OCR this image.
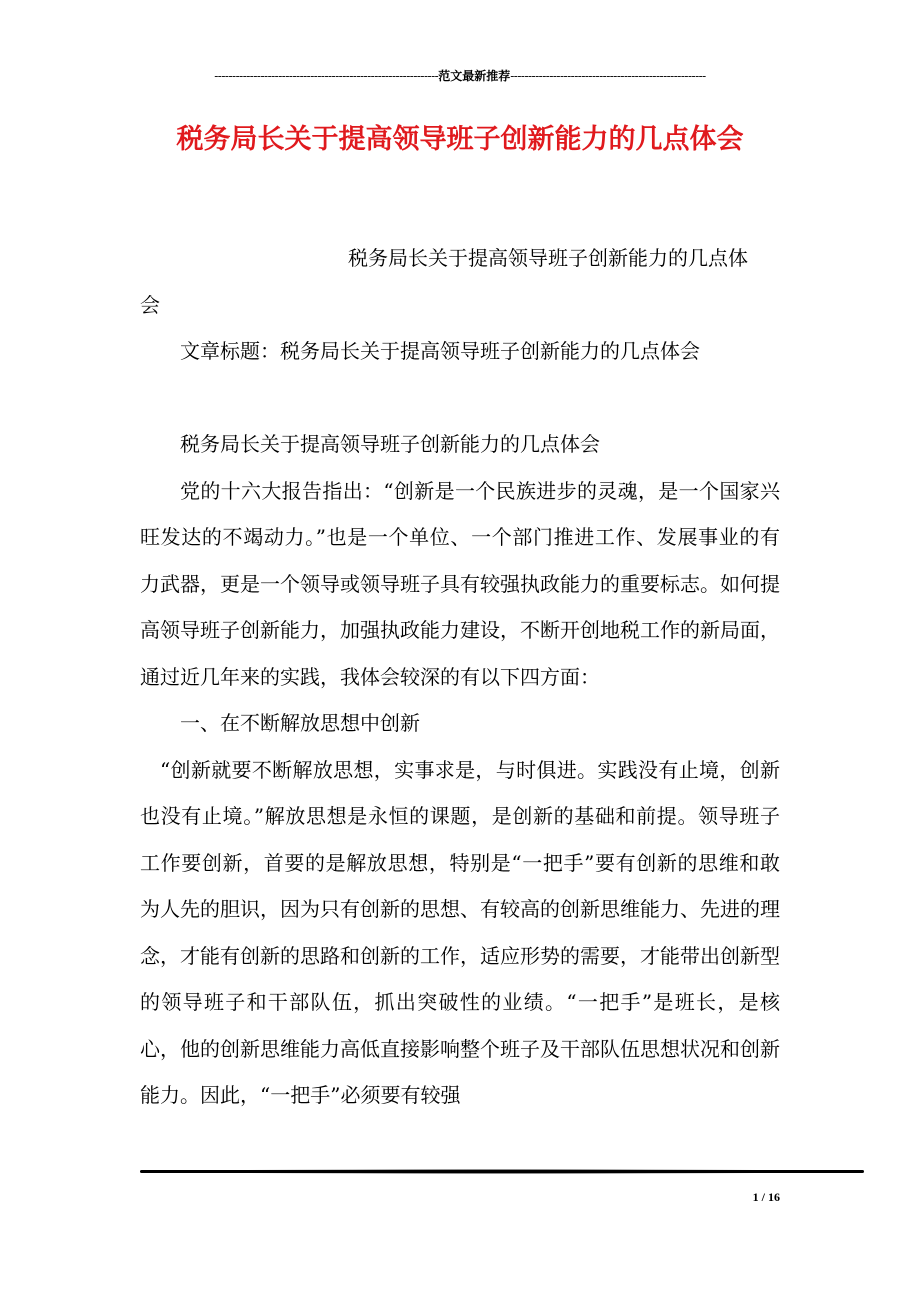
---------------------------------------------------------------范文最新推荐-------------------------------------------------------
税务局长关于提高领导班子创新能力的几点体会

税务局长关于提高领导班子创新能力的几点体
会

文章标题：税务局长关于提高领导班子创新能力的几点体会

税务局长关于提高领导班子创新能力的几点体会

党的十六大报告指出：“创新是一个民族进步的灵魂，是一个国家兴旺发达的不竭动力。”也是一个单位、一个部门推进工作、发展事业的有力武器，更是一个领导或领导班子具有较强执政能力的重要标志。如何提高领导班子创新能力，加强执政能力建设，不断开创地税工作的新局面，通过近几年来的实践，我体会较深的有以下四方面：

一、在不断解放思想中创新

“创新就要不断解放思想，实事求是，与时俱进。实践没有止境，创新也没有止境。”解放思想是永恒的课题，是创新的基础和前提。领导班子工作要创新，首要的是解放思想，特别是“一把手”要有创新的思维和敢为人先的胆识，因为只有创新的思想、有较高的创新思维能力、先进的理念，才能有创新的思路和创新的工作，适应形势的需要，才能带出创新型的领导班子和干部队伍，抓出突破性的业绩。“一把手”是班长，是核心，他的创新思维能力高低直接影响整个班子及干部队伍思想状况和创新能力。因此，“一把手”必须要有较强

1 / 16
